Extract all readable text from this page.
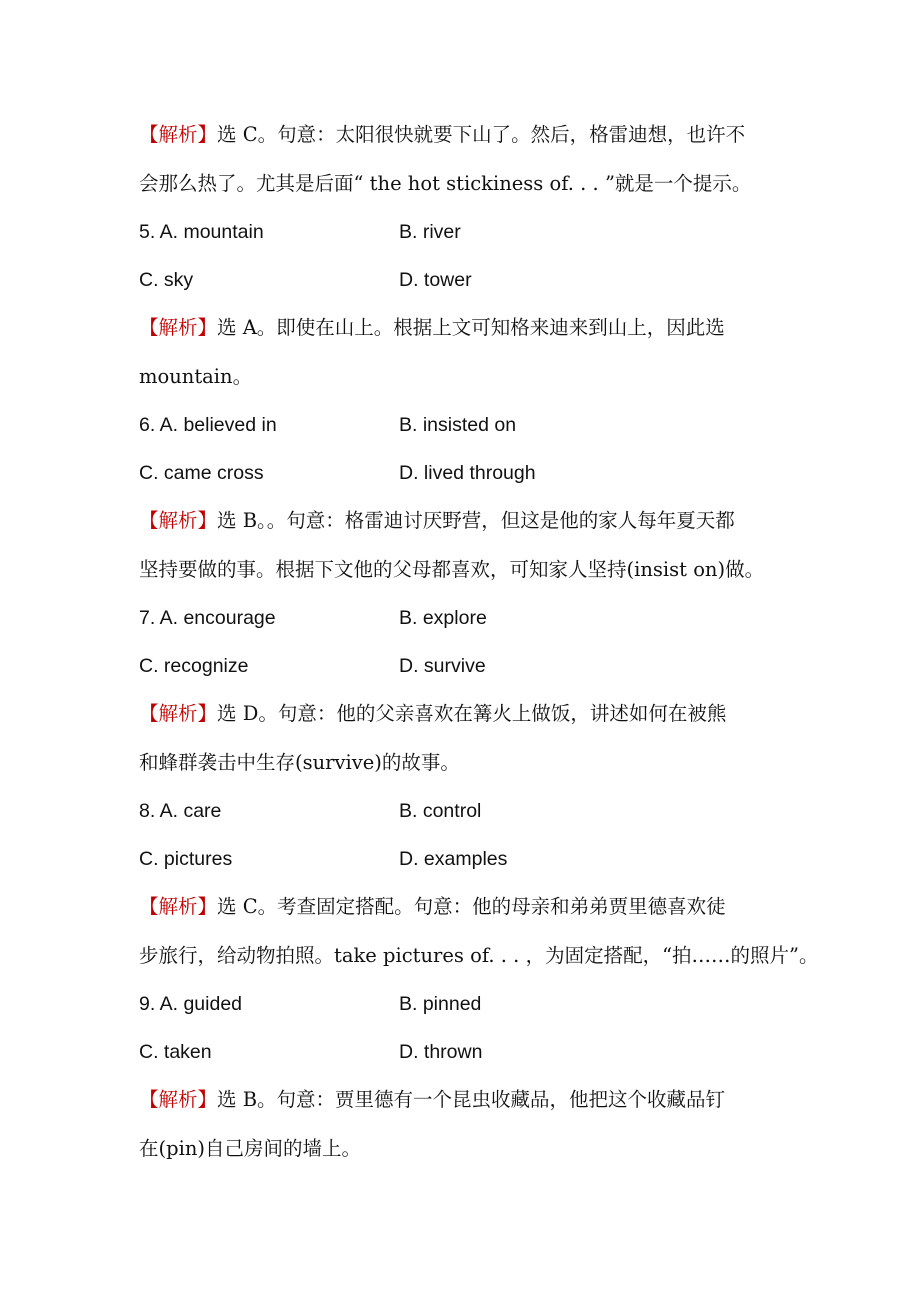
【解析】选 C。句意：太阳很快就要下山了。然后，格雷迪想，也许不
会那么热了。尤其是后面“ the hot stickiness of. . . ”就是一个提示。
5. A. mountain	B. river
C. sky	D. tower
【解析】选 A。即使在山上。根据上文可知格来迪来到山上，因此选
mountain。
6. A. believed in	B. insisted on
C. came cross	D. lived through
【解析】选 B。。句意：格雷迪讨厌野营，但这是他的家人每年夏天都
坚持要做的事。根据下文他的父母都喜欢，可知家人坚持(insist on)做。
7. A. encourage	B. explore
C. recognize	D. survive
【解析】选 D。句意：他的父亲喜欢在篝火上做饭，讲述如何在被熊
和蜂群袭击中生存(survive)的故事。
8. A. care	B. control
C. pictures	D. examples
【解析】选 C。考查固定搭配。句意：他的母亲和弟弟贾里德喜欢徒
步旅行，给动物拍照。take pictures of. . . ，为固定搭配，“拍……的照片”。
9. A. guided	B. pinned
C. taken	D. thrown
【解析】选 B。句意：贾里德有一个昆虫收藏品，他把这个收藏品钉
在(pin)自己房间的墙上。
